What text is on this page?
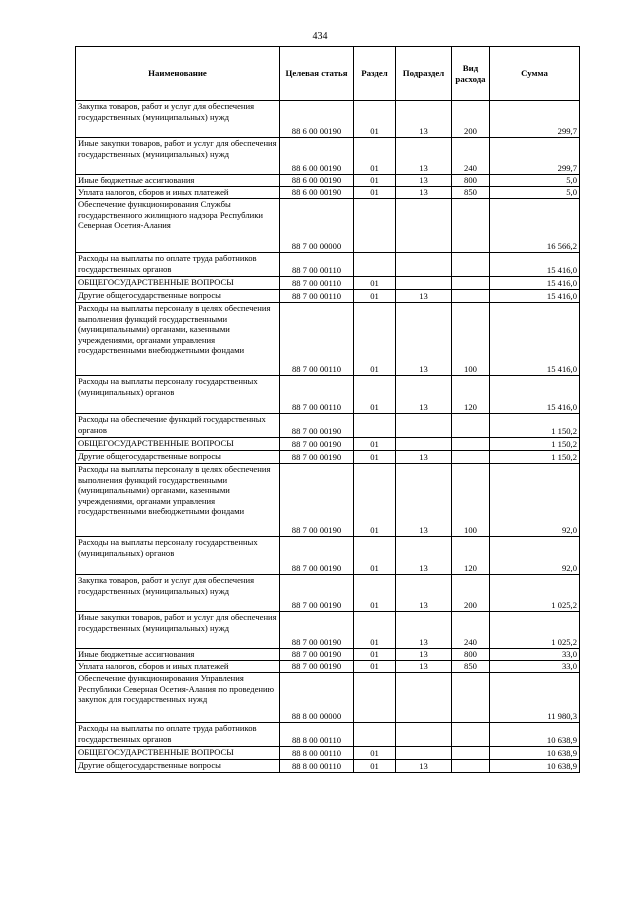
434
Наименование	Целевая статья	Раздел	Подраздел	Вид расхода	Сумма
Закупка товаров, работ и услуг для обеспечения государственных (муниципальных) нужд	88 6 00 00190	01	13	200	299,7
Иные закупки товаров, работ и услуг для обеспечения государственных (муниципальных) нужд	88 6 00 00190	01	13	240	299,7
Иные бюджетные ассигнования	88 6 00 00190	01	13	800	5,0
Уплата налогов, сборов и иных платежей	88 6 00 00190	01	13	850	5,0
Обеспечение функционирования Службы государственного жилищного надзора Республики Северная Осетия-Алания	88 7 00 00000				16 566,2
Расходы на выплаты по оплате труда работников государственных органов	88 7 00 00110				15 416,0
ОБЩЕГОСУДАРСТВЕННЫЕ ВОПРОСЫ	88 7 00 00110	01			15 416,0
Другие общегосударственные вопросы	88 7 00 00110	01	13		15 416,0
Расходы на выплаты персоналу в целях обеспечения выполнения функций государственными (муниципальными) органами, казенными учреждениями, органами управления государственными внебюджетными фондами	88 7 00 00110	01	13	100	15 416,0
Расходы на выплаты персоналу государственных (муниципальных) органов	88 7 00 00110	01	13	120	15 416,0
Расходы на обеспечение функций государственных органов	88 7 00 00190				1 150,2
ОБЩЕГОСУДАРСТВЕННЫЕ ВОПРОСЫ	88 7 00 00190	01			1 150,2
Другие общегосударственные вопросы	88 7 00 00190	01	13		1 150,2
Расходы на выплаты персоналу в целях обеспечения выполнения функций государственными (муниципальными) органами, казенными учреждениями, органами управления государственными внебюджетными фондами	88 7 00 00190	01	13	100	92,0
Расходы на выплаты персоналу государственных (муниципальных) органов	88 7 00 00190	01	13	120	92,0
Закупка товаров, работ и услуг для обеспечения государственных (муниципальных) нужд	88 7 00 00190	01	13	200	1 025,2
Иные закупки товаров, работ и услуг для обеспечения государственных (муниципальных) нужд	88 7 00 00190	01	13	240	1 025,2
Иные бюджетные ассигнования	88 7 00 00190	01	13	800	33,0
Уплата налогов, сборов и иных платежей	88 7 00 00190	01	13	850	33,0
Обеспечение функционирования Управления Республики Северная Осетия-Алания по проведению закупок для государственных нужд	88 8 00 00000				11 980,3
Расходы на выплаты по оплате труда работников государственных органов	88 8 00 00110				10 638,9
ОБЩЕГОСУДАРСТВЕННЫЕ ВОПРОСЫ	88 8 00 00110	01			10 638,9
Другие общегосударственные вопросы	88 8 00 00110	01	13		10 638,9
